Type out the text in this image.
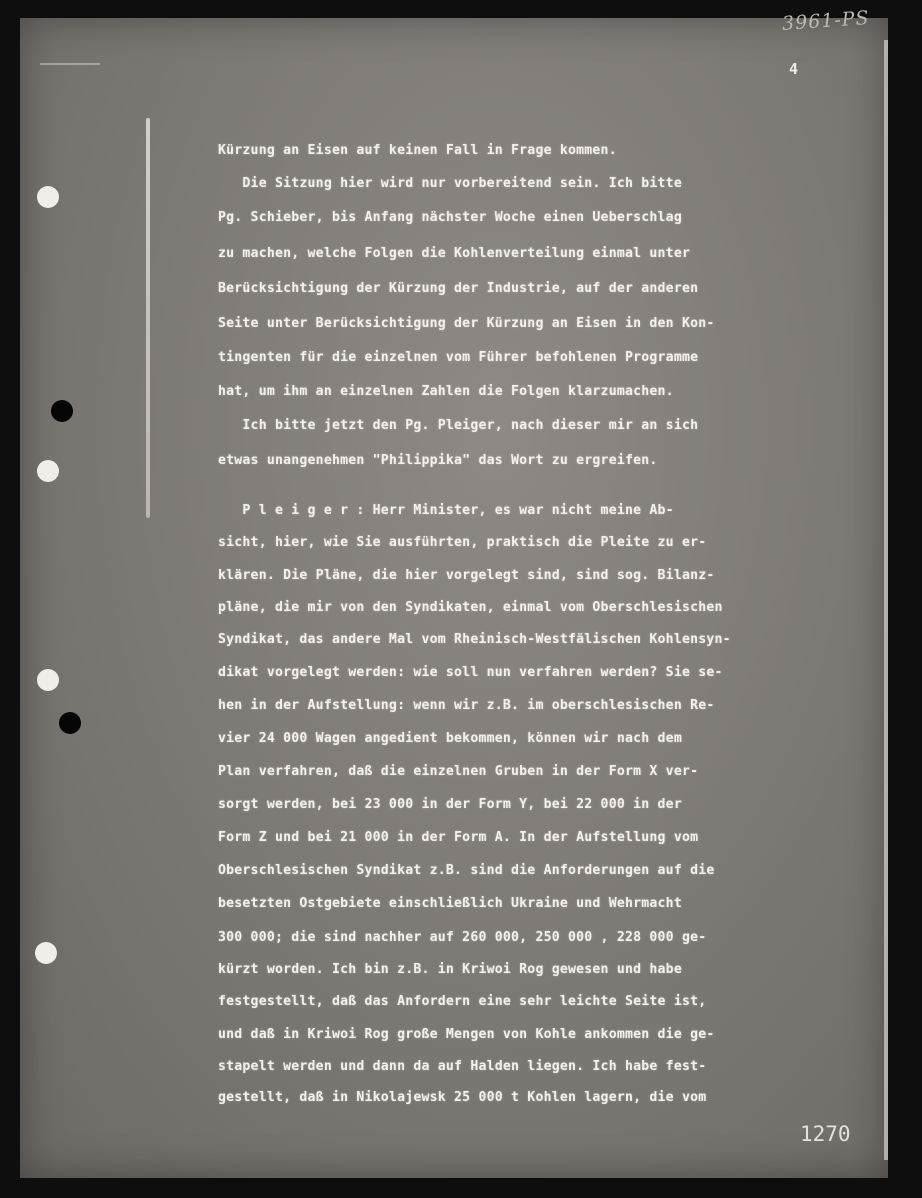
3961-PS
4
Kürzung an Eisen auf keinen Fall in Frage kommen.
Die Sitzung hier wird nur vorbereitend sein. Ich bitte
Pg. Schieber, bis Anfang nächster Woche einen Ueberschlag
zu machen, welche Folgen die Kohlenverteilung einmal unter
Berücksichtigung der Kürzung der Industrie, auf der anderen
Seite unter Berücksichtigung der Kürzung an Eisen in den Kon-
tingenten für die einzelnen vom Führer befohlenen Programme
hat, um ihm an einzelnen Zahlen die Folgen klarzumachen.
Ich bitte jetzt den Pg. Pleiger, nach dieser mir an sich
etwas unangenehmen "Philippika" das Wort zu ergreifen.
P l e i g e r : Herr Minister, es war nicht meine Ab-
sicht, hier, wie Sie ausführten, praktisch die Pleite zu er-
klären. Die Pläne, die hier vorgelegt sind, sind sog. Bilanz-
pläne, die mir von den Syndikaten, einmal vom Oberschlesischen
Syndikat, das andere Mal vom Rheinisch-Westfälischen Kohlensyn-
dikat vorgelegt werden: wie soll nun verfahren werden? Sie se-
hen in der Aufstellung: wenn wir z.B. im oberschlesischen Re-
vier 24 000 Wagen angedient bekommen, können wir nach dem
Plan verfahren, daß die einzelnen Gruben in der Form X ver-
sorgt werden, bei 23 000 in der Form Y, bei 22 000 in der
Form Z und bei 21 000 in der Form A. In der Aufstellung vom
Oberschlesischen Syndikat z.B. sind die Anforderungen auf die
besetzten Ostgebiete einschließlich Ukraine und Wehrmacht
300 000; die sind nachher auf 260 000, 250 000 , 228 000 ge-
kürzt worden. Ich bin z.B. in Kriwoi Rog gewesen und habe
festgestellt, daß das Anfordern eine sehr leichte Seite ist,
und daß in Kriwoi Rog große Mengen von Kohle ankommen die ge-
stapelt werden und dann da auf Halden liegen. Ich habe fest-
gestellt, daß in Nikolajewsk 25 000 t Kohlen lagern, die vom
1270
